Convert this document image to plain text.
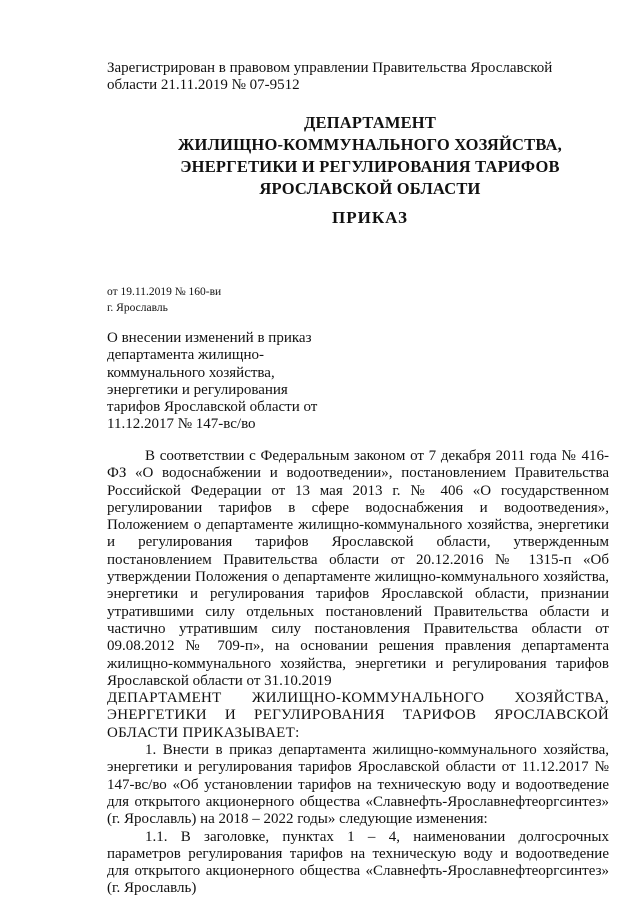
Зарегистрирован в правовом управлении Правительства Ярославской области 21.11.2019 № 07-9512
ДЕПАРТАМЕНТ
ЖИЛИЩНО-КОММУНАЛЬНОГО ХОЗЯЙСТВА,
ЭНЕРГЕТИКИ И РЕГУЛИРОВАНИЯ ТАРИФОВ
ЯРОСЛАВСКОЙ ОБЛАСТИ
ПРИКАЗ
от 19.11.2019 № 160-ви
г. Ярославль
О внесении изменений в приказ департамента жилищно-коммунального хозяйства, энергетики и регулирования тарифов Ярославской области от 11.12.2017 № 147-вс/во

В соответствии с Федеральным законом от 7 декабря 2011 года № 416-ФЗ «О водоснабжении и водоотведении», постановлением Правительства Российской Федерации от 13 мая 2013 г. № 406 «О государственном регулировании тарифов в сфере водоснабжения и водоотведения», Положением о департаменте жилищно-коммунального хозяйства, энергетики и регулирования тарифов Ярославской области, утвержденным постановлением Правительства области от 20.12.2016 № 1315-п «Об утверждении Положения о департаменте жилищно-коммунального хозяйства, энергетики и регулирования тарифов Ярославской области, признании утратившими силу отдельных постановлений Правительства области и частично утратившим силу постановления Правительства области от 09.08.2012 № 709-п», на основании решения правления департамента жилищно-коммунального хозяйства, энергетики и регулирования тарифов Ярославской области от 31.10.2019

ДЕПАРТАМЕНТ ЖИЛИЩНО-КОММУНАЛЬНОГО ХОЗЯЙСТВА, ЭНЕРГЕТИКИ И РЕГУЛИРОВАНИЯ ТАРИФОВ ЯРОСЛАВСКОЙ ОБЛАСТИ ПРИКАЗЫВАЕТ:

1. Внести в приказ департамента жилищно-коммунального хозяйства, энергетики и регулирования тарифов Ярославской области от 11.12.2017 № 147-вс/во «Об установлении тарифов на техническую воду и водоотведение для открытого акционерного общества «Славнефть-Ярославнефтеоргсинтез» (г. Ярославль) на 2018 – 2022 годы» следующие изменения:

1.1. В заголовке, пунктах 1 – 4, наименовании долгосрочных параметров регулирования тарифов на техническую воду и водоотведение для открытого акционерного общества «Славнефть-Ярославнефтеоргсинтез» (г. Ярославль)
